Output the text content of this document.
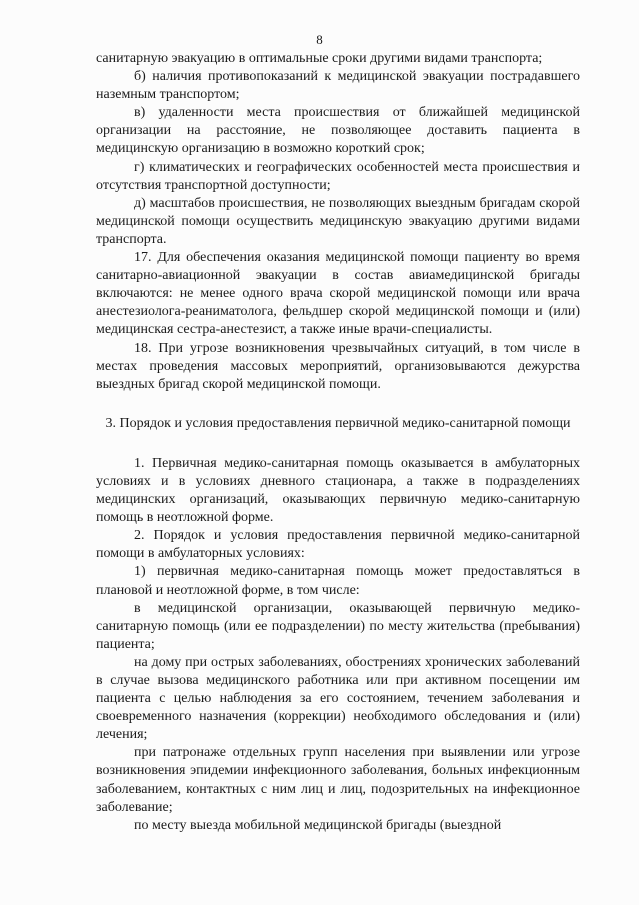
8

санитарную эвакуацию в оптимальные сроки другими видами транспорта;

б) наличия противопоказаний к медицинской эвакуации пострадавшего наземным транспортом;

в) удаленности места происшествия от ближайшей медицинской организации на расстояние, не позволяющее доставить пациента в медицинскую организацию в возможно короткий срок;

г) климатических и географических особенностей места происшествия и отсутствия транспортной доступности;

д) масштабов происшествия, не позволяющих выездным бригадам скорой медицинской помощи осуществить медицинскую эвакуацию другими видами транспорта.

17. Для обеспечения оказания медицинской помощи пациенту во время санитарно-авиационной эвакуации в состав авиамедицинской бригады включаются: не менее одного врача скорой медицинской помощи или врача анестезиолога-реаниматолога, фельдшер скорой медицинской помощи и (или) медицинская сестра-анестезист, а также иные врачи-специалисты.

18. При угрозе возникновения чрезвычайных ситуаций, в том числе в местах проведения массовых мероприятий, организовываются дежурства выездных бригад скорой медицинской помощи.

3. Порядок и условия предоставления первичной медико-санитарной помощи

1. Первичная медико-санитарная помощь оказывается в амбулаторных условиях и в условиях дневного стационара, а также в подразделениях медицинских организаций, оказывающих первичную медико-санитарную помощь в неотложной форме.

2. Порядок и условия предоставления первичной медико-санитарной помощи в амбулаторных условиях:

1) первичная медико-санитарная помощь может предоставляться в плановой и неотложной форме, в том числе:

в медицинской организации, оказывающей первичную медико-санитарную помощь (или ее подразделении) по месту жительства (пребывания) пациента;

на дому при острых заболеваниях, обострениях хронических заболеваний в случае вызова медицинского работника или при активном посещении им пациента с целью наблюдения за его состоянием, течением заболевания и своевременного назначения (коррекции) необходимого обследования и (или) лечения;

при патронаже отдельных групп населения при выявлении или угрозе возникновения эпидемии инфекционного заболевания, больных инфекционным заболеванием, контактных с ним лиц и лиц, подозрительных на инфекционное заболевание;

по месту выезда мобильной медицинской бригады (выездной
